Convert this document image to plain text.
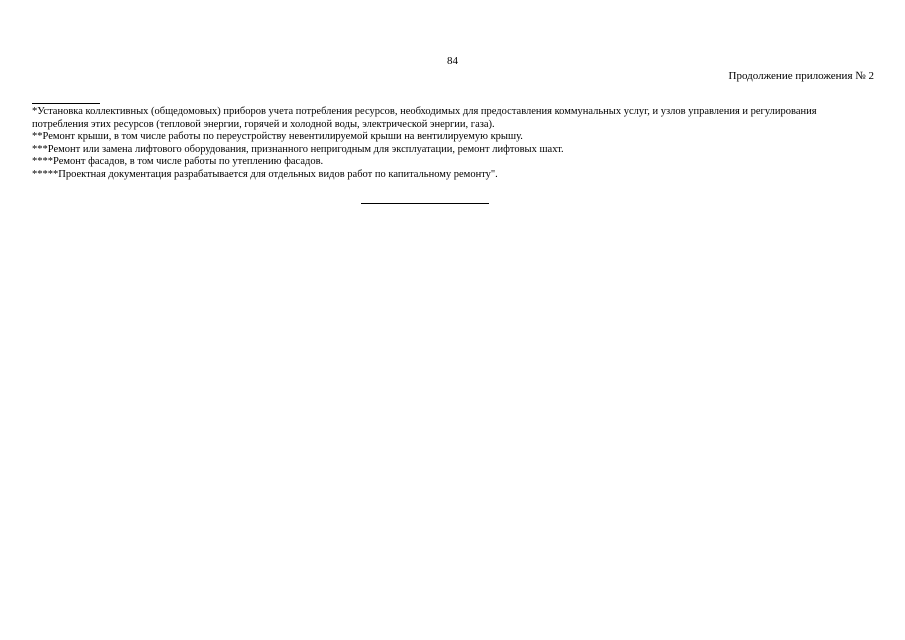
84
Продолжение приложения № 2

*Установка коллективных (общедомовых) приборов учета потребления ресурсов, необходимых для предоставления коммунальных услуг, и узлов управления и регулирования потребления этих ресурсов (тепловой энергии, горячей и холодной воды, электрической энергии, газа).

**Ремонт крыши, в том числе работы по переустройству невентилируемой крыши на вентилируемую крышу.

***Ремонт или замена лифтового оборудования, признанного непригодным для эксплуатации, ремонт лифтовых шахт.

****Ремонт фасадов, в том числе работы по утеплению фасадов.

*****Проектная документация разрабатывается для отдельных видов работ по капитальному ремонту".
